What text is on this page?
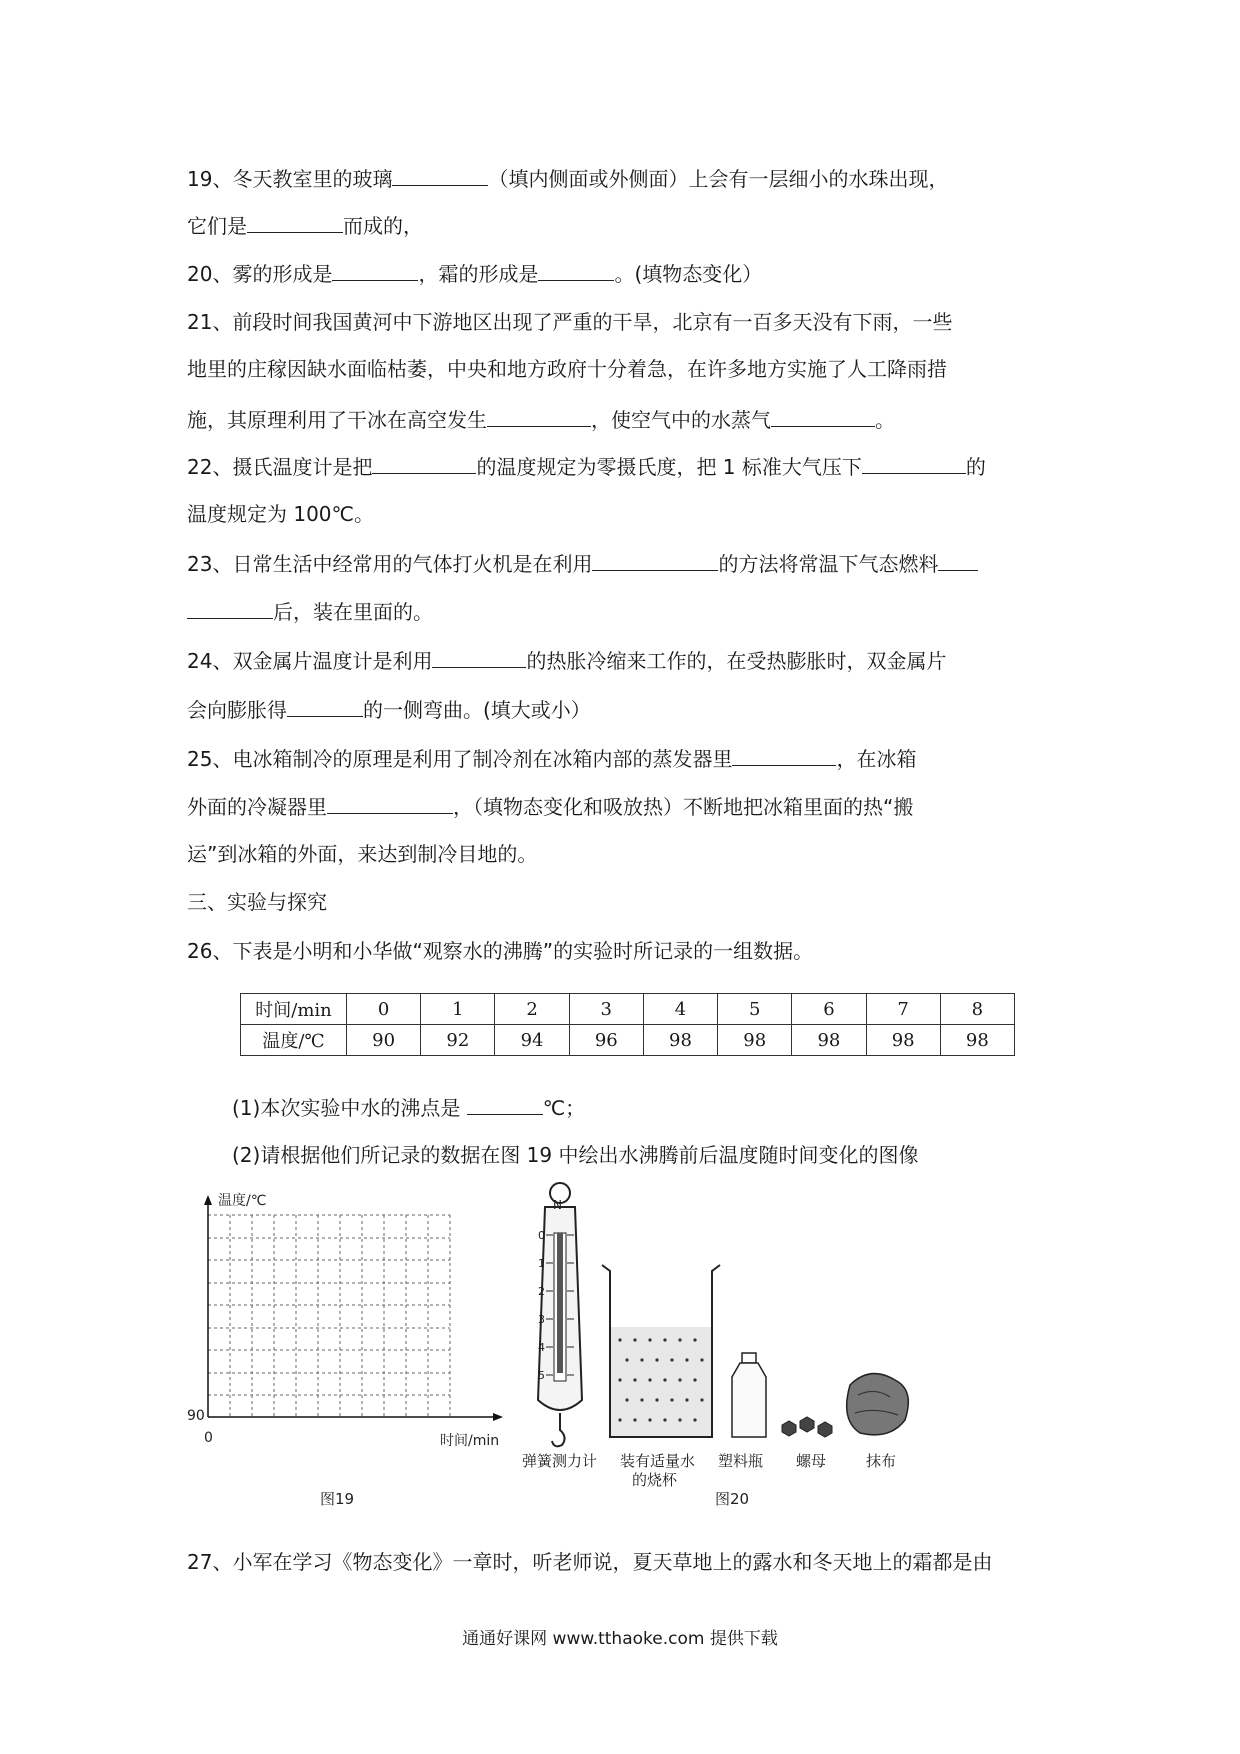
19、冬天教室里的玻璃	（填内侧面或外侧面）上会有一层细小的水珠出现，
它们是	而成的，
20、雾的形成是	，霜的形成是	。(填物态变化）
21、前段时间我国黄河中下游地区出现了严重的干旱，北京有一百多天没有下雨，一些
地里的庄稼因缺水面临枯萎，中央和地方政府十分着急，在许多地方实施了人工降雨措
施，其原理利用了干冰在高空发生	，使空气中的水蒸气	。
22、摄氏温度计是把	的温度规定为零摄氏度，把 1 标准大气压下	的
温度规定为 100℃。
23、日常生活中经常用的气体打火机是在利用	的方法将常温下气态燃料
后，装在里面的。
24、双金属片温度计是利用	的热胀冷缩来工作的，在受热膨胀时，双金属片
会向膨胀得	的一侧弯曲。(填大或小）
25、电冰箱制冷的原理是利用了制冷剂在冰箱内部的蒸发器里	，在冰箱
外面的冷凝器里	，（填物态变化和吸放热）不断地把冰箱里面的热“搬
运”到冰箱的外面，来达到制冷目地的。
三、实验与探究
26、下表是小明和小华做“观察水的沸腾”的实验时所记录的一组数据。
时间/min	0	1	2	3	4	5	6	7	8
温度/℃	90	92	94	96	98	98	98	98	98
(1)本次实验中水的沸点是	℃；
(2)请根据他们所记录的数据在图 19 中绘出水沸腾前后温度随时间变化的图像
温度/℃
时间/min
90
0
图19
N
0
1
2
3
4
5
弹簧测力计 装有适量水
的烧杯
塑料瓶 螺母	抹布
图20
27、小军在学习《物态变化》一章时，听老师说，夏天草地上的露水和冬天地上的霜都是由
通通好课网 www.tthaoke.com 提供下载
